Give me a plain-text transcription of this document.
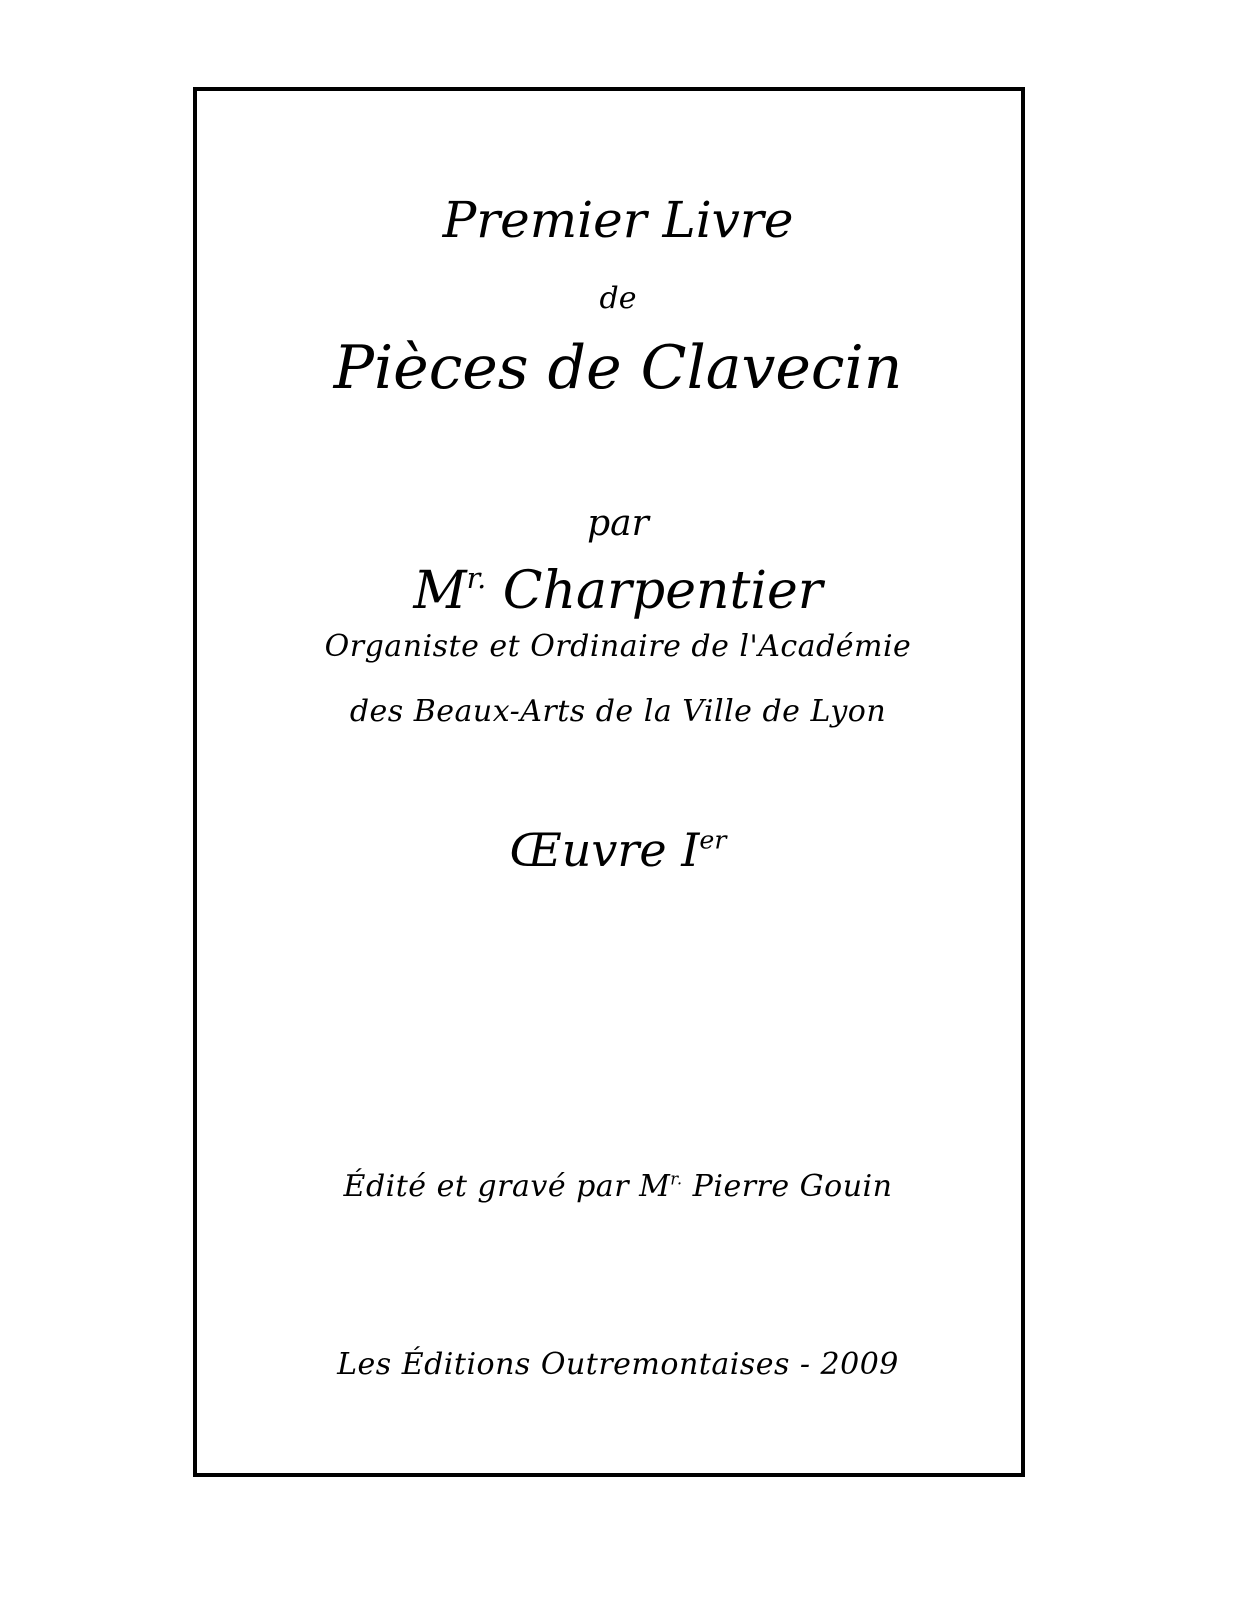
Premier Livre
de
Pièces de Clavecin
par
$M^{r.}$ Charpentier
Organiste et Ordinaire de l'Académie
des Beaux-Arts de la Ville de Lyon
Œuvre Ier
Édité et gravé par $M^{r.}$ Pierre Gouin
Les Éditions Outremontaises - 2009
